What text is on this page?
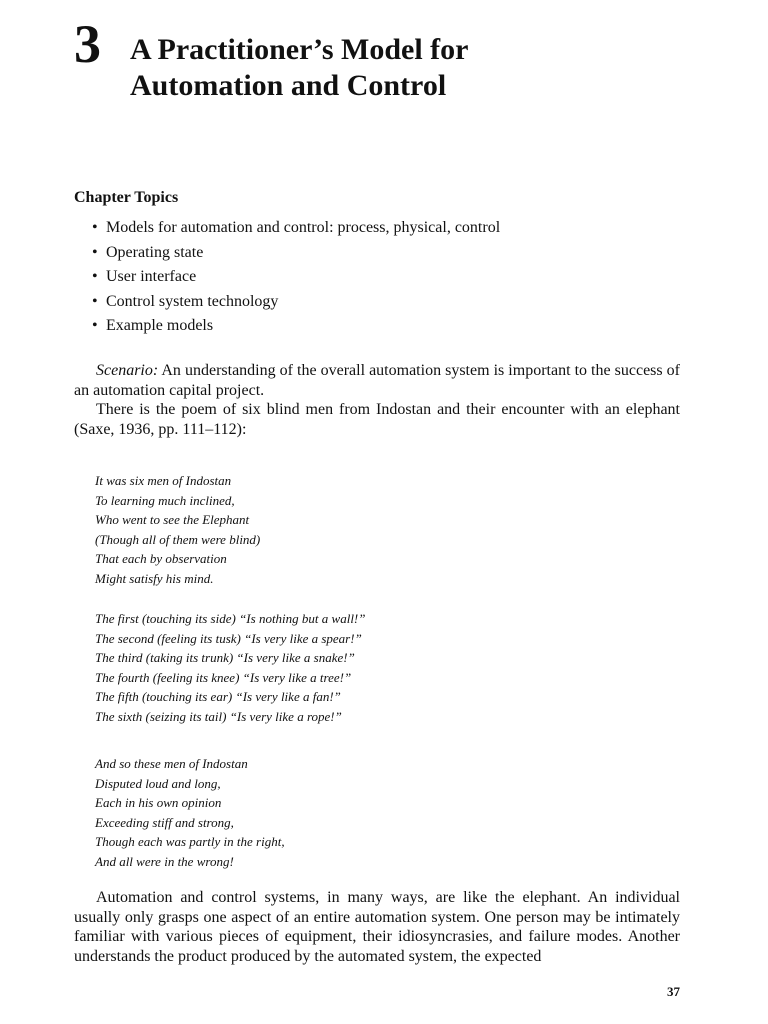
3 A Practitioner’s Model for
Automation and Control
Chapter Topics
• Models for automation and control: process, physical, control
• Operating state
• User interface
• Control system technology
• Example models

Scenario: An understanding of the overall automation system is important to the success of an automation capital project.

There is the poem of six blind men from Indostan and their encounter with an elephant (Saxe, 1936, pp. 111–112):

It was six men of Indostan
To learning much inclined,
Who went to see the Elephant
(Though all of them were blind)
That each by observation
Might satisfy his mind.
The first (touching its side) “Is nothing but a wall!”
The second (feeling its tusk) “Is very like a spear!”
The third (taking its trunk) “Is very like a snake!”
The fourth (feeling its knee) “Is very like a tree!”
The fifth (touching its ear) “Is very like a fan!”
The sixth (seizing its tail) “Is very like a rope!”
And so these men of Indostan
Disputed loud and long,
Each in his own opinion
Exceeding stiff and strong,
Though each was partly in the right,
And all were in the wrong!

Automation and control systems, in many ways, are like the elephant. An individual usually only grasps one aspect of an entire automation system. One person may be intimately familiar with various pieces of equipment, their idiosyncrasies, and failure modes. Another understands the product produced by the automated system, the expected

37
